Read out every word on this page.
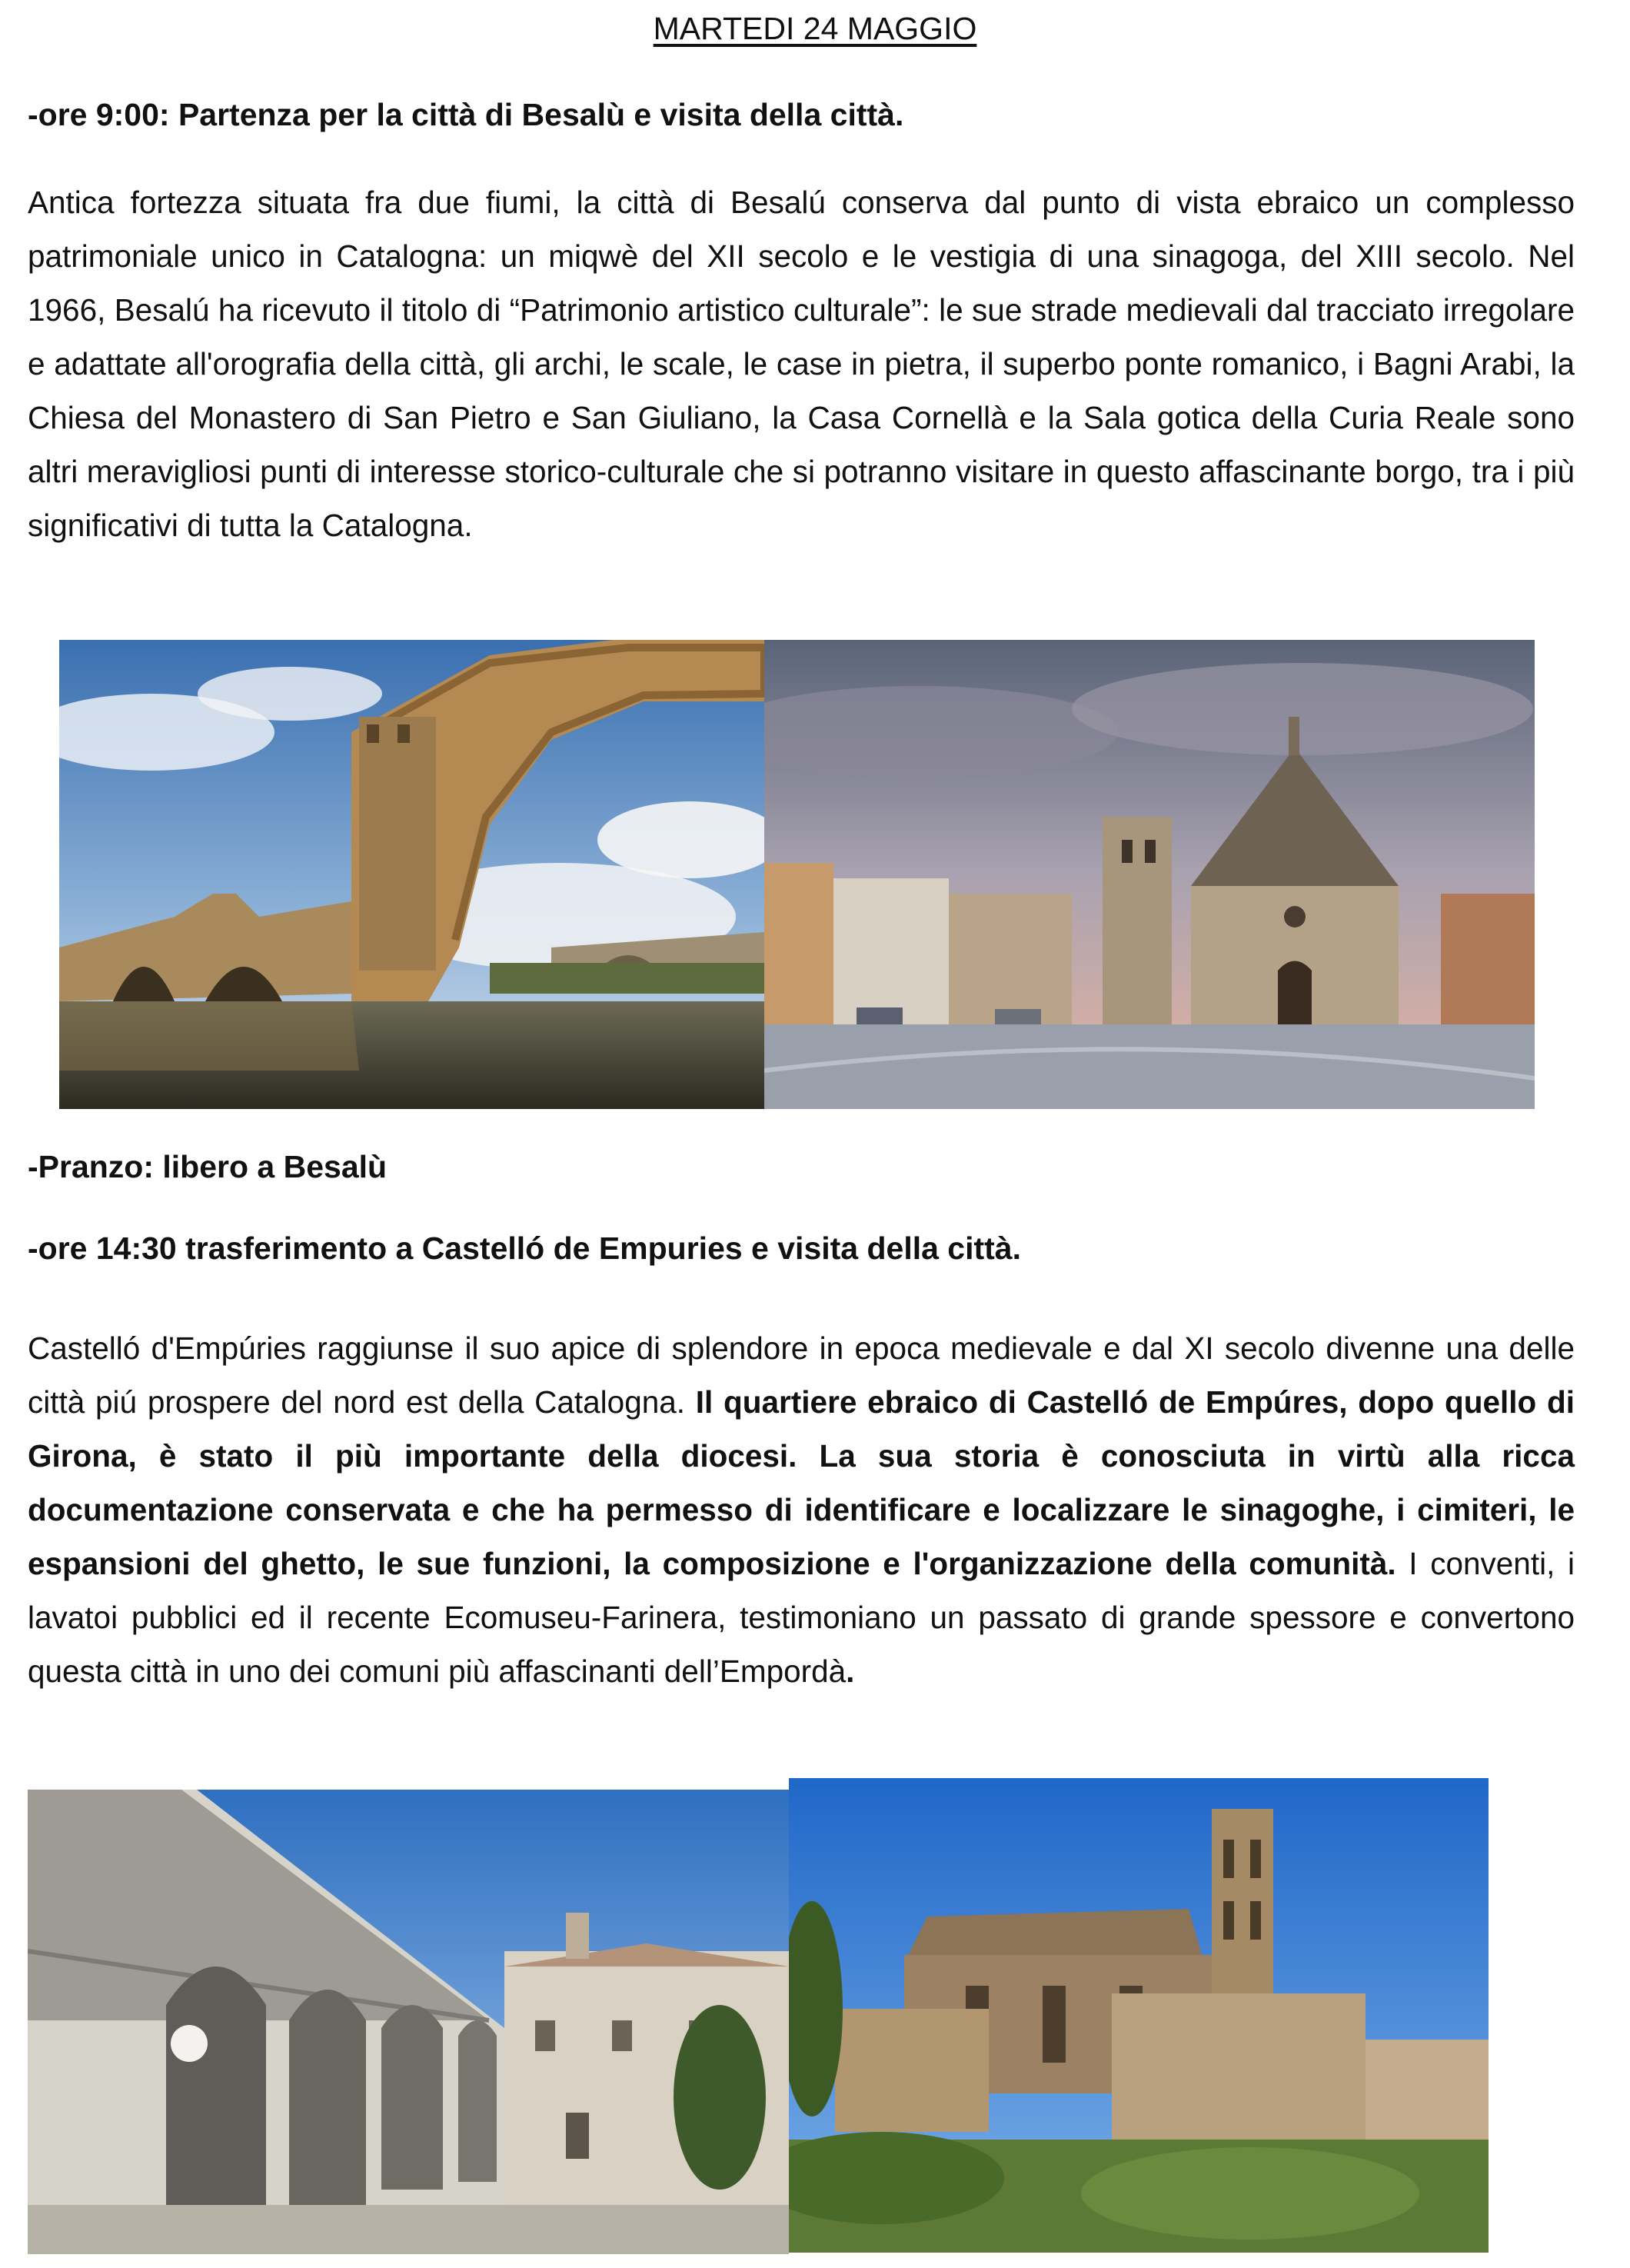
MARTEDI 24 MAGGIO
-ore 9:00: Partenza per la città di Besalù e visita della città.
Antica fortezza situata fra due fiumi, la città di Besalú conserva dal punto di vista ebraico un complesso patrimoniale unico in Catalogna: un miqwè del XII secolo e le vestigia di una sinagoga, del XIII secolo. Nel 1966, Besalú ha ricevuto il titolo di “Patrimonio artistico culturale”: le sue strade medievali dal tracciato irregolare e adattate all'orografia della città, gli archi, le scale, le case in pietra, il superbo ponte romanico, i Bagni Arabi, la Chiesa del Monastero di San Pietro e San Giuliano, la Casa Cornellà e la Sala gotica della Curia Reale sono altri meravigliosi punti di interesse storico-culturale che si potranno visitare in questo affascinante borgo, tra i più significativi di tutta la Catalogna.
-Pranzo: libero a Besalù
-ore 14:30 trasferimento a Castelló de Empuries e visita della città.
Castelló d'Empúries raggiunse il suo apice di splendore in epoca medievale e dal XI secolo divenne una delle città piú prospere del nord est della Catalogna. Il quartiere ebraico di Castelló de Empúres, dopo quello di Girona, è stato il più importante della diocesi. La sua storia è conosciuta in virtù alla ricca documentazione conservata e che ha permesso di identificare e localizzare le sinagoghe, i cimiteri, le espansioni del ghetto, le sue funzioni, la composizione e l'organizzazione della comunità. I conventi, i lavatoi pubblici ed il recente Ecomuseu-Farinera, testimoniano un passato di grande spessore e convertono questa città in uno dei comuni più affascinanti dell’Empordà.
